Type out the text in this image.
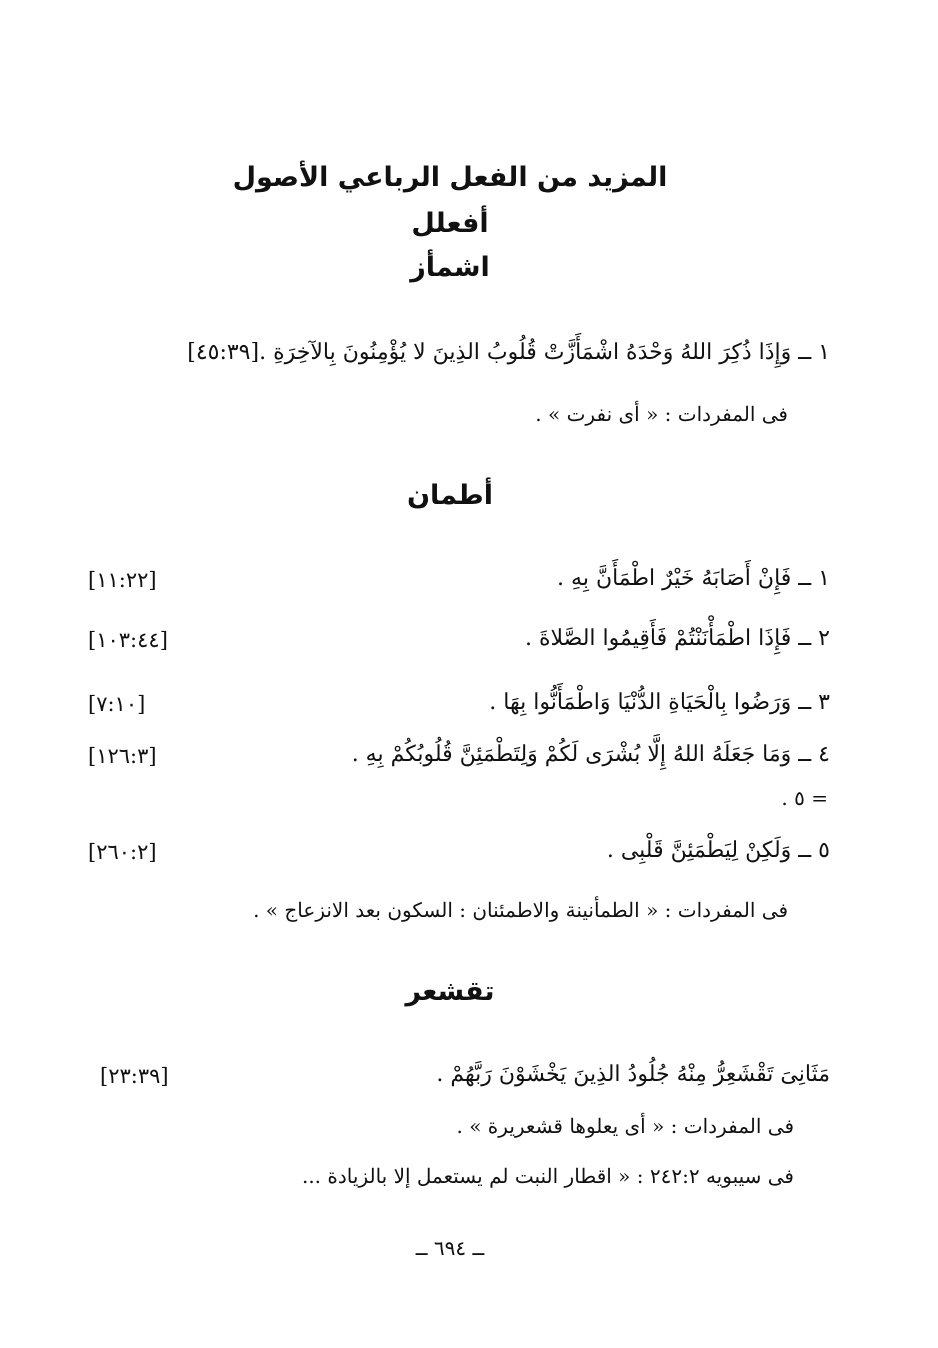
المزيد من الفعل الرباعي الأصول
أفعلل
اشمأز
١ ــ وَإِذَا ذُكِرَ اللهُ وَحْدَهُ اشْمَأَزَّتْ قُلُوبُ الذِينَ لا يُؤْمِنُونَ بِالآخِرَةِ .[٤٥:٣٩]
فى المفردات : « أى نفرت » .
أطمان
١ ــ فَإِنْ أَصَابَهُ خَيْرٌ اطْمَأَنَّ بِهِ .
[١١:٢٢]
٢ ــ فَإِذَا اطْمَأْنَنْتُمْ فَأَقِيمُوا الصَّلاةَ .
[١٠٣:٤٤]
٣ ــ وَرَضُوا بِالْحَيَاةِ الدُّنْيَا وَاطْمَأَنُّوا بِهَا .
[٧:١٠]
٤ ــ وَمَا جَعَلَهُ اللهُ إِلَّا بُشْرَى لَكُمْ وَلِتَطْمَئِنَّ قُلُوبُكُمْ بِهِ .
[١٢٦:٣]
= ٥ .
٥ ــ وَلَكِنْ لِيَطْمَئِنَّ قَلْبِى .
[٢٦٠:٢]
فى المفردات : « الطمأنينة والاطمئنان : السكون بعد الانزعاج » .
تقشعر
مَثَانِىَ تَقْشَعِرُّ مِنْهُ جُلُودُ الذِينَ يَخْشَوْنَ رَبَّهُمْ .
[٢٣:٣٩]
فى المفردات : « أى يعلوها قشعريرة » .
فى سيبويه ٢٤٢:٢ : « اقطار النبت لم يستعمل إلا بالزيادة ...
ــ ٦٩٤ ــ
